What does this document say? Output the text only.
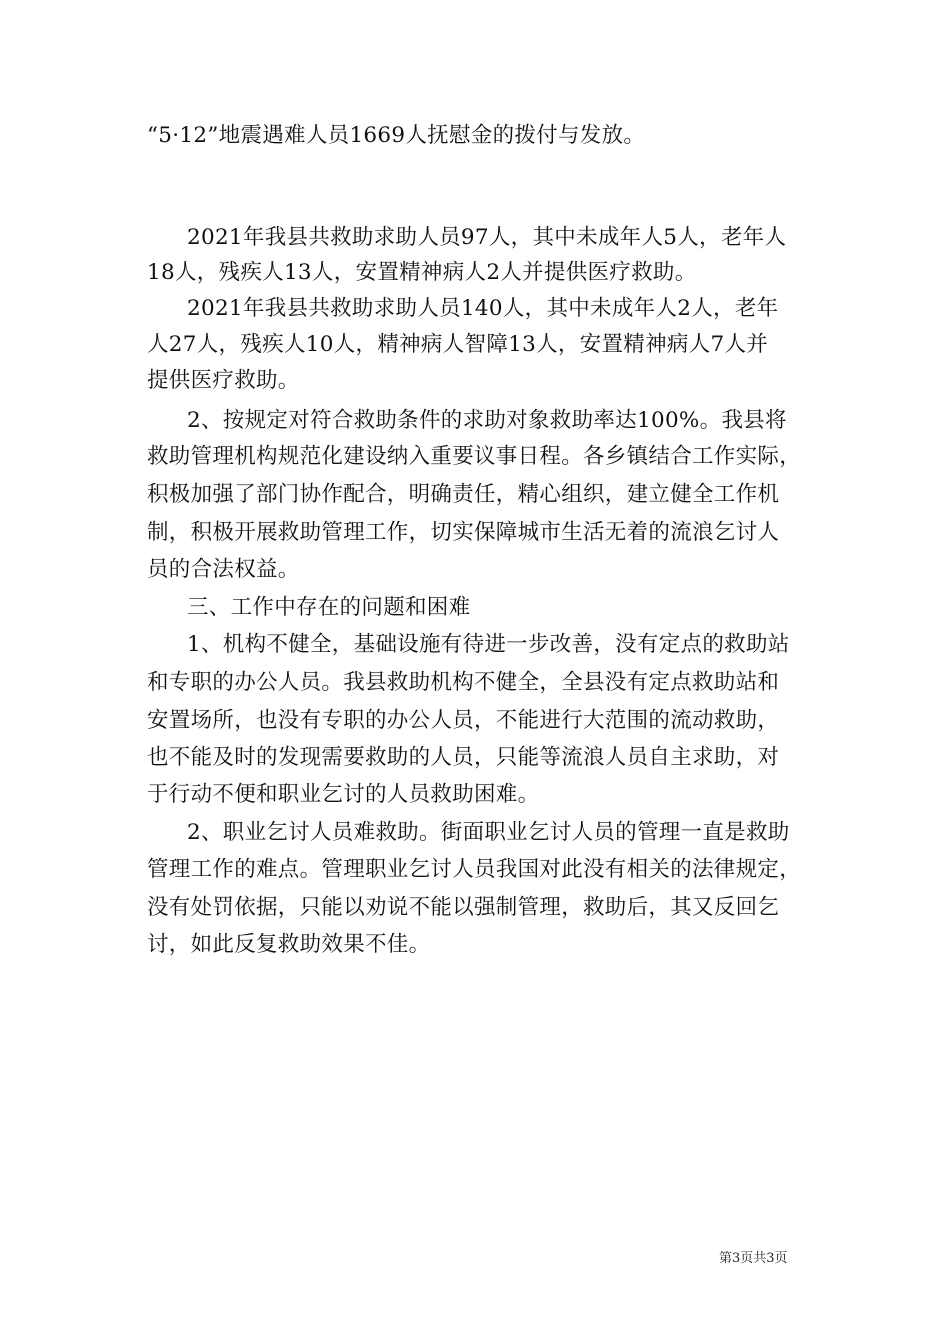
“5·12”地震遇难人员1669人抚慰金的拨付与发放。
2021年我县共救助求助人员97人，其中未成年人5人，老年人
18人，残疾人13人，安置精神病人2人并提供医疗救助。
2021年我县共救助求助人员140人，其中未成年人2人，老年
人27人，残疾人10人，精神病人智障13人，安置精神病人7人并
提供医疗救助。
2、按规定对符合救助条件的求助对象救助率达100%。我县将
救助管理机构规范化建设纳入重要议事日程。各乡镇结合工作实际，
积极加强了部门协作配合，明确责任，精心组织，建立健全工作机
制，积极开展救助管理工作，切实保障城市生活无着的流浪乞讨人
员的合法权益。
三、工作中存在的问题和困难
1、机构不健全，基础设施有待进一步改善，没有定点的救助站
和专职的办公人员。我县救助机构不健全，全县没有定点救助站和
安置场所，也没有专职的办公人员，不能进行大范围的流动救助，
也不能及时的发现需要救助的人员，只能等流浪人员自主求助，对
于行动不便和职业乞讨的人员救助困难。
2、职业乞讨人员难救助。街面职业乞讨人员的管理一直是救助
管理工作的难点。管理职业乞讨人员我国对此没有相关的法律规定，
没有处罚依据，只能以劝说不能以强制管理，救助后，其又反回乞
讨，如此反复救助效果不佳。
第3页共3页
